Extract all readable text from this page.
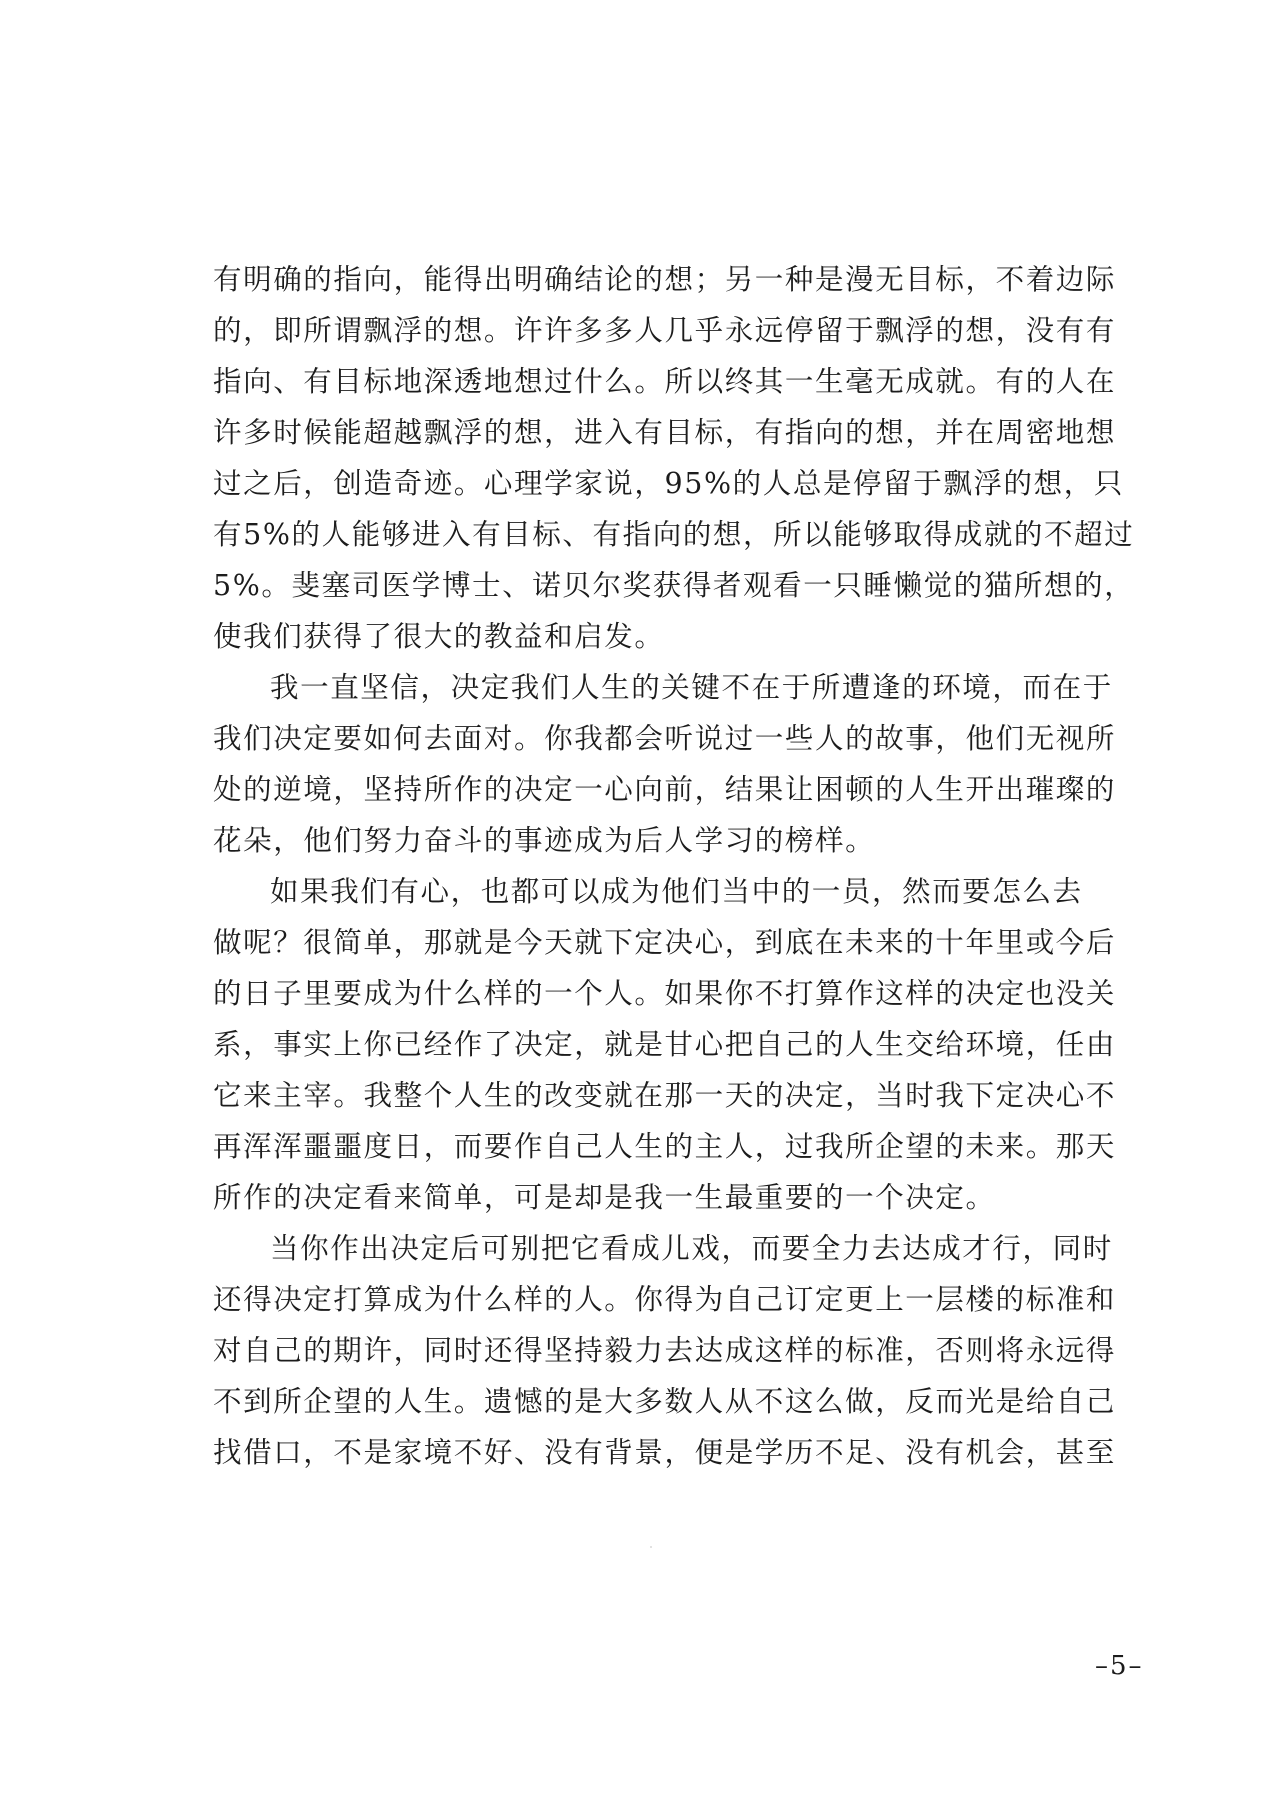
有明确的指向，能得出明确结论的想；另一种是漫无目标，不着边际
的，即所谓飘浮的想。许许多多人几乎永远停留于飘浮的想，没有有
指向、有目标地深透地想过什么。所以终其一生毫无成就。有的人在
许多时候能超越飘浮的想，进入有目标，有指向的想，并在周密地想
过之后，创造奇迹。心理学家说，95%的人总是停留于飘浮的想，只
有5%的人能够进入有目标、有指向的想，所以能够取得成就的不超过
5%。斐塞司医学博士、诺贝尔奖获得者观看一只睡懒觉的猫所想的，
使我们获得了很大的教益和启发。
我一直坚信，决定我们人生的关键不在于所遭逢的环境，而在于
我们决定要如何去面对。你我都会听说过一些人的故事，他们无视所
处的逆境，坚持所作的决定一心向前，结果让困顿的人生开出璀璨的
花朵，他们努力奋斗的事迹成为后人学习的榜样。
如果我们有心，也都可以成为他们当中的一员，然而要怎么去
做呢？很简单，那就是今天就下定决心，到底在未来的十年里或今后
的日子里要成为什么样的一个人。如果你不打算作这样的决定也没关
系，事实上你已经作了决定，就是甘心把自己的人生交给环境，任由
它来主宰。我整个人生的改变就在那一天的决定，当时我下定决心不
再浑浑噩噩度日，而要作自己人生的主人，过我所企望的未来。那天
所作的决定看来简单，可是却是我一生最重要的一个决定。
当你作出决定后可别把它看成儿戏，而要全力去达成才行，同时
还得决定打算成为什么样的人。你得为自己订定更上一层楼的标准和
对自己的期许，同时还得坚持毅力去达成这样的标准，否则将永远得
不到所企望的人生。遗憾的是大多数人从不这么做，反而光是给自己
找借口，不是家境不好、没有背景，便是学历不足、没有机会，甚至
–5–
